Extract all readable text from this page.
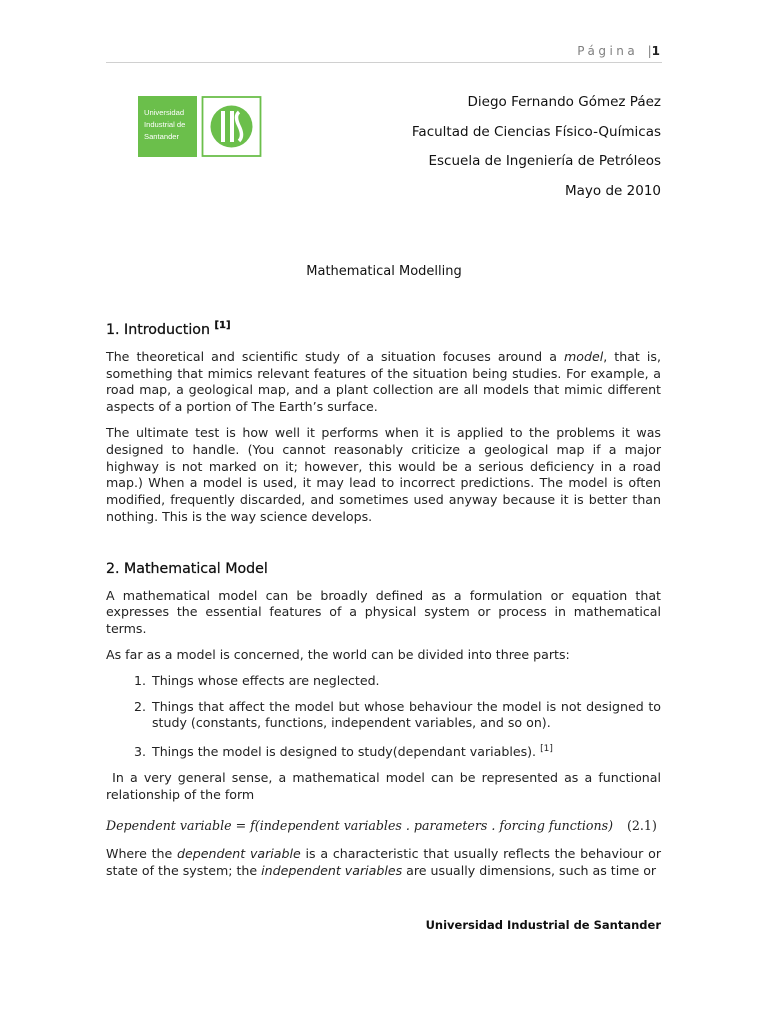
Página |1
Universidad
Industrial de
Santander
Diego Fernando Gómez Páez
Facultad de Ciencias Físico-Químicas
Escuela de Ingeniería de Petróleos
Mayo de 2010
Mathematical Modelling
1. Introduction [1]

The theoretical and scientific study of a situation focuses around a model, that is, something that mimics relevant features of the situation being studies. For example, a road map, a geological map, and a plant collection are all models that mimic different aspects of a portion of The Earth’s surface.

The ultimate test is how well it performs when it is applied to the problems it was designed to handle. (You cannot reasonably criticize a geological map if a major highway is not marked on it; however, this would be a serious deficiency in a road map.) When a model is used, it may lead to incorrect predictions. The model is often modified, frequently discarded, and sometimes used anyway because it is better than nothing. This is the way science develops.

2. Mathematical Model

A mathematical model can be broadly defined as a formulation or equation that expresses the essential features of a physical system or process in mathematical terms.

As far as a model is concerned, the world can be divided into three parts:

1. Things whose effects are neglected.
2. Things that affect the model but whose behaviour the model is not designed to study (constants, functions, independent variables, and so on).
3. Things the model is designed to study(dependant variables). [1]

In a very general sense, a mathematical model can be represented as a functional relationship of the form

Dependent variable = f(independent variables . parameters . forcing functions) (2.1)

Where the dependent variable is a characteristic that usually reflects the behaviour or state of the system; the independent variables are usually dimensions, such as time or

Universidad Industrial de Santander
